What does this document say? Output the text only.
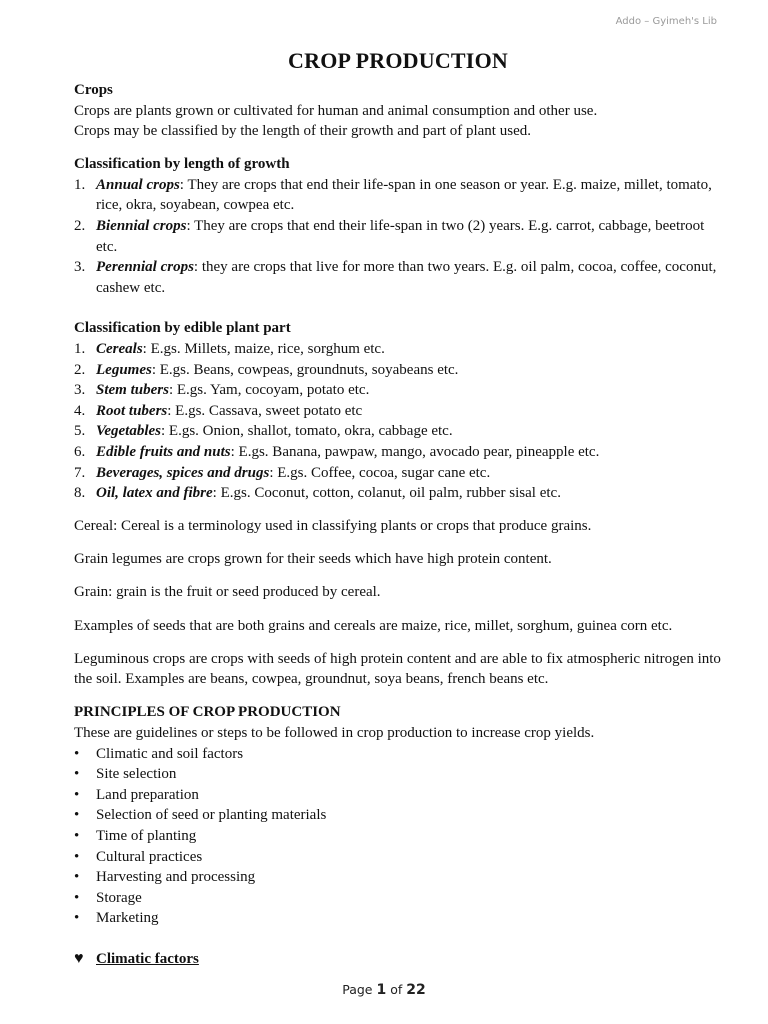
Addo – Gyimeh's Lib
CROP PRODUCTION

Crops

Crops are plants grown or cultivated for human and animal consumption and other use.

Crops may be classified by the length of their growth and part of plant used.

Classification by length of growth

1. Annual crops: They are crops that end their life-span in one season or year. E.g. maize, millet, tomato, rice, okra, soyabean, cowpea etc.
2. Biennial crops: They are crops that end their life-span in two (2) years. E.g. carrot, cabbage, beetroot etc.
3. Perennial crops: they are crops that live for more than two years. E.g. oil palm, cocoa, coffee, coconut, cashew etc.

Classification by edible plant part

1. Cereals: E.gs. Millets, maize, rice, sorghum etc.
2. Legumes: E.gs. Beans, cowpeas, groundnuts, soyabeans etc.
3. Stem tubers: E.gs. Yam, cocoyam, potato etc.
4. Root tubers: E.gs. Cassava, sweet potato etc
5. Vegetables: E.gs. Onion, shallot, tomato, okra, cabbage etc.
6. Edible fruits and nuts: E.gs. Banana, pawpaw, mango, avocado pear, pineapple etc.
7. Beverages, spices and drugs: E.gs. Coffee, cocoa, sugar cane etc.
8. Oil, latex and fibre: E.gs. Coconut, cotton, colanut, oil palm, rubber sisal etc.

Cereal: Cereal is a terminology used in classifying plants or crops that produce grains.

Grain legumes are crops grown for their seeds which have high protein content.

Grain: grain is the fruit or seed produced by cereal.

Examples of seeds that are both grains and cereals are maize, rice, millet, sorghum, guinea corn etc.

Leguminous crops are crops with seeds of high protein content and are able to fix atmospheric nitrogen into the soil. Examples are beans, cowpea, groundnut, soya beans, french beans etc.

PRINCIPLES OF CROP PRODUCTION

These are guidelines or steps to be followed in crop production to increase crop yields.

• Climatic and soil factors
• Site selection
• Land preparation
• Selection of seed or planting materials
• Time of planting
• Cultural practices
• Harvesting and processing
• Storage
• Marketing
♥ Climatic factors
Page 1 of 22
